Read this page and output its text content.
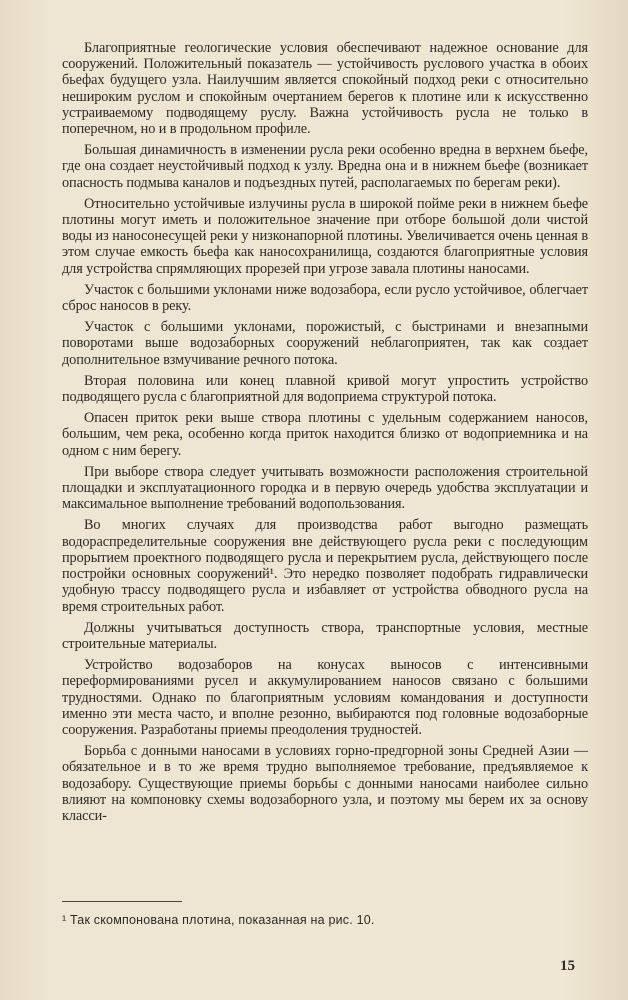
Благоприятные геологические условия обеспечивают надежное основание для сооружений. Положительный показатель — устойчивость руслового участка в обоих бьефах будущего узла. Наилучшим является спокойный подход реки с относительно нешироким руслом и спокойным очертанием берегов к плотине или к искусственно устраиваемому подводящему руслу. Важна устойчивость русла не только в поперечном, но и в продольном профиле.

Большая динамичность в изменении русла реки особенно вредна в верхнем бьефе, где она создает неустойчивый подход к узлу. Вредна она и в нижнем бьефе (возникает опасность подмыва каналов и подъездных путей, располагаемых по берегам реки).

Относительно устойчивые излучины русла в широкой пойме реки в нижнем бьефе плотины могут иметь и положительное значение при отборе большой доли чистой воды из наносонесущей реки у низконапорной плотины. Увеличивается очень ценная в этом случае емкость бьефа как наносохранилища, создаются благоприятные условия для устройства спрямляющих прорезей при угрозе завала плотины наносами.

Участок с большими уклонами ниже водозабора, если русло устойчивое, облегчает сброс наносов в реку.

Участок с большими уклонами, порожистый, с быстринами и внезапными поворотами выше водозаборных сооружений неблагоприятен, так как создает дополнительное взмучивание речного потока.

Вторая половина или конец плавной кривой могут упростить устройство подводящего русла с благоприятной для водоприема структурой потока.

Опасен приток реки выше створа плотины с удельным содержанием наносов, большим, чем река, особенно когда приток находится близко от водоприемника и на одном с ним берегу.

При выборе створа следует учитывать возможности расположения строительной площадки и эксплуатационного городка и в первую очередь удобства эксплуатации и максимальное выполнение требований водопользования.

Во многих случаях для производства работ выгодно размещать водораспределительные сооружения вне действующего русла реки с последующим прорытием проектного подводящего русла и перекрытием русла, действующего после постройки основных сооружений¹. Это нередко позволяет подобрать гидравлически удобную трассу подводящего русла и избавляет от устройства обводного русла на время строительных работ.

Должны учитываться доступность створа, транспортные условия, местные строительные материалы.

Устройство водозаборов на конусах выносов с интенсивными переформированиями русел и аккумулированием наносов связано с большими трудностями. Однако по благоприятным условиям командования и доступности именно эти места часто, и вполне резонно, выбираются под головные водозаборные сооружения. Разработаны приемы преодоления трудностей.

Борьба с донными наносами в условиях горно-предгорной зоны Средней Азии — обязательное и в то же время трудно выполняемое требование, предъявляемое к водозабору. Существующие приемы борьбы с донными наносами наиболее сильно влияют на компоновку схемы водозаборного узла, и поэтому мы берем их за основу класси-

¹ Так скомпонована плотина, показанная на рис. 10.
15
